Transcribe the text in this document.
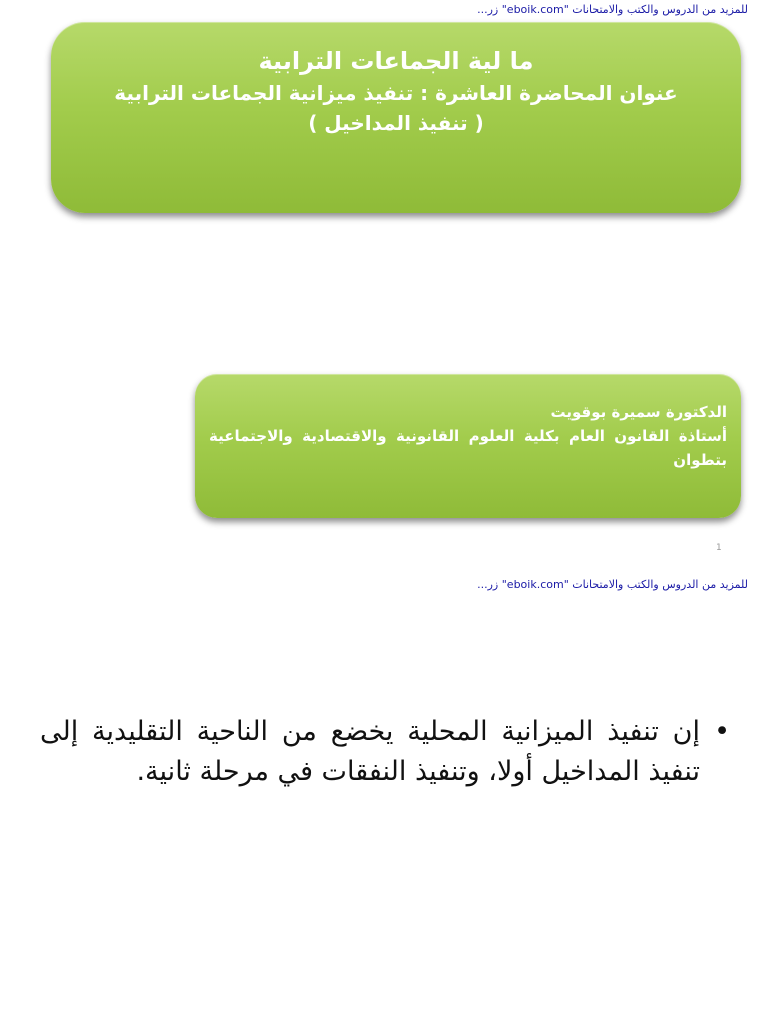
للمزيد من الدروس والكتب والامتحانات "eboik.com" زر...
ما لية الجماعات الترابية
عنوان المحاضرة العاشرة : تنفيذ ميزانية الجماعات الترابية
( تنفيذ المداخيل )
الدكتورة سميرة بوقويت
أستاذة القانون العام بكلية العلوم القانونية والاقتصادية والاجتماعية بتطوان
1
للمزيد من الدروس والكتب والامتحانات "eboik.com" زر...
•
إن تنفيذ الميزانية المحلية يخضع من الناحية التقليدية إلى تنفيذ المداخيل أولا، وتنفيذ النفقات في مرحلة ثانية.
